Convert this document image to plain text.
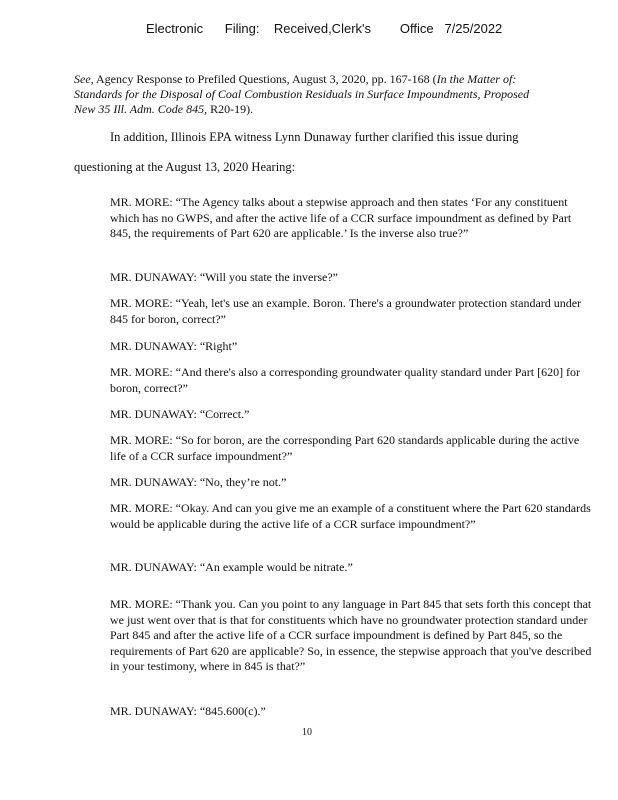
Electronic      Filing:    Received,Clerk's        Office   7/25/2022
See, Agency Response to Prefiled Questions, August 3, 2020, pp. 167-168 (In the Matter of: Standards for the Disposal of Coal Combustion Residuals in Surface Impoundments, Proposed New 35 Ill. Adm. Code 845, R20-19).
In addition, Illinois EPA witness Lynn Dunaway further clarified this issue during
questioning at the August 13, 2020 Hearing:
MR. MORE: “The Agency talks about a stepwise approach and then states ‘For any constituent which has no GWPS, and after the active life of a CCR surface impoundment as defined by Part 845, the requirements of Part 620 are applicable.’ Is the inverse also true?”
MR. DUNAWAY: “Will you state the inverse?”
MR. MORE: “Yeah, let's use an example. Boron. There's a groundwater protection standard under 845 for boron, correct?”
MR. DUNAWAY: “Right”
MR. MORE: “And there's also a corresponding groundwater quality standard under Part [620] for boron, correct?”
MR. DUNAWAY: “Correct.”
MR. MORE: “So for boron, are the corresponding Part 620 standards applicable during the active life of a CCR surface impoundment?”
MR. DUNAWAY: “No, they’re not.”
MR. MORE: “Okay. And can you give me an example of a constituent where the Part 620 standards would be applicable during the active life of a CCR surface impoundment?”
MR. DUNAWAY: “An example would be nitrate.”
MR. MORE: “Thank you. Can you point to any language in Part 845 that sets forth this concept that we just went over that is that for constituents which have no groundwater protection standard under Part 845 and after the active life of a CCR surface impoundment is defined by Part 845, so the requirements of Part 620 are applicable? So, in essence, the stepwise approach that you've described in your testimony, where in 845 is that?”
MR. DUNAWAY: “845.600(c).”
10
